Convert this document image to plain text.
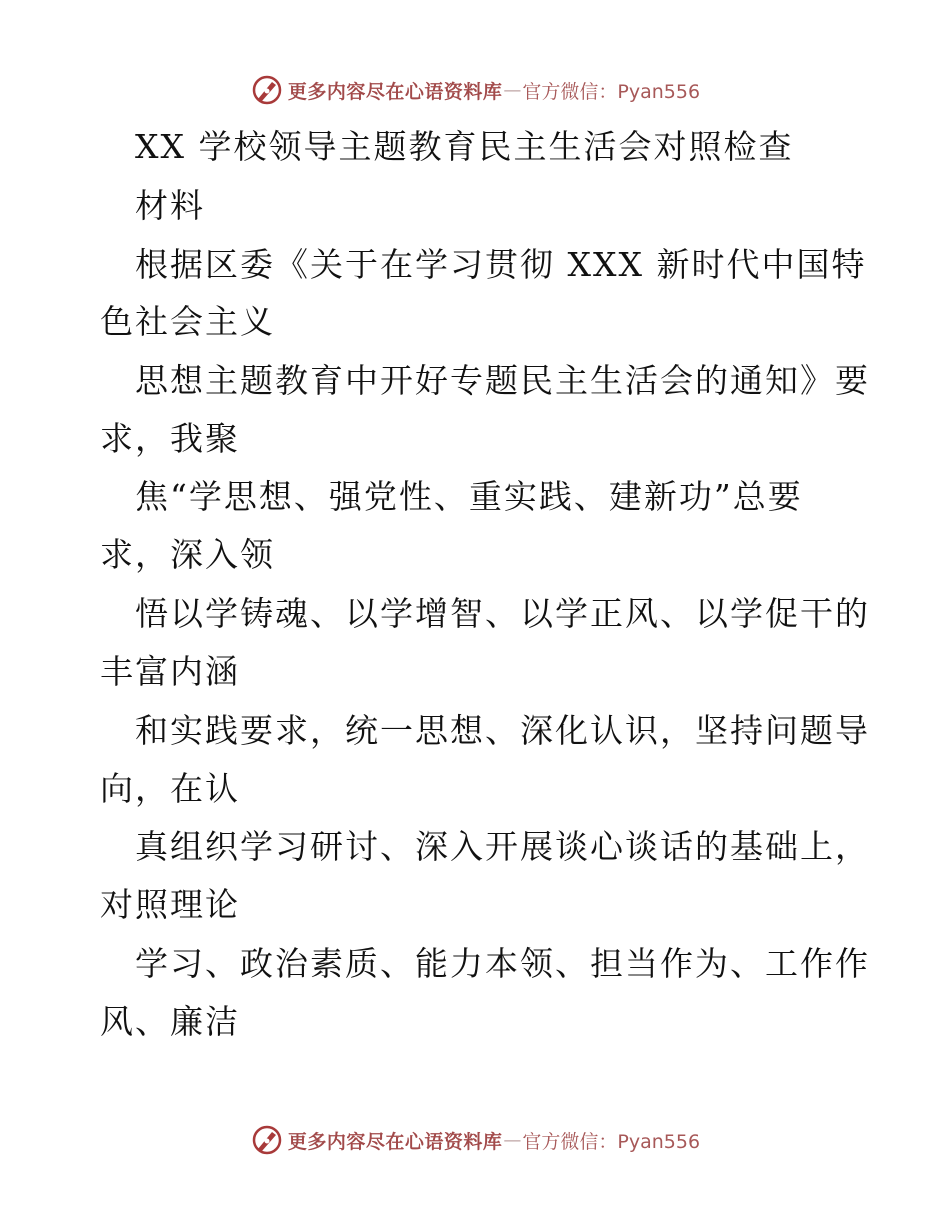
更多内容尽在心语资料库 — 官方微信：Pyan556
XX 学校领导主题教育民主生活会对照检查
材料
根据区委《关于在学习贯彻 XXX 新时代中国特
色社会主义
思想主题教育中开好专题民主生活会的通知》要
求，我聚
焦“学思想、强党性、重实践、建新功”总要
求，深入领
悟以学铸魂、以学增智、以学正风、以学促干的
丰富内涵
和实践要求，统一思想、深化认识，坚持问题导
向，在认
真组织学习研讨、深入开展谈心谈话的基础上，
对照理论
学习、政治素质、能力本领、担当作为、工作作
风、廉洁
更多内容尽在心语资料库 — 官方微信：Pyan556
